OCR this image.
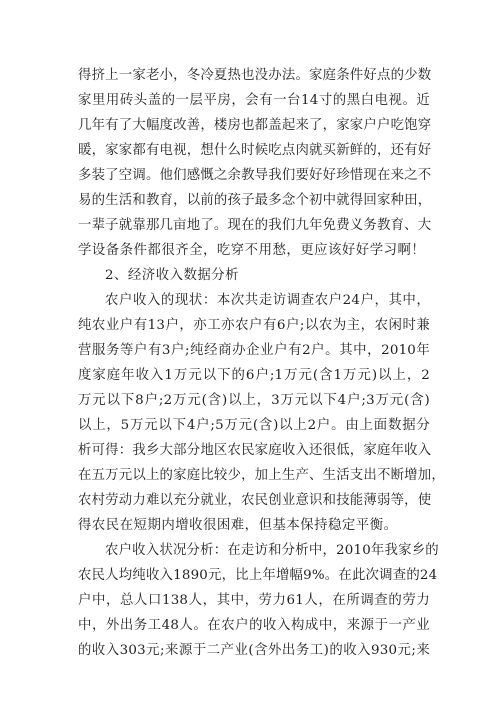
得挤上一家老小，冬冷夏热也没办法。家庭条件好点的少数
家里用砖头盖的一层平房，会有一台14寸的黑白电视。近
几年有了大幅度改善，楼房也都盖起来了，家家户户吃饱穿
暖，家家都有电视，想什么时候吃点肉就买新鲜的，还有好
多装了空调。他们感慨之余教导我们要好好珍惜现在来之不
易的生活和教育，以前的孩子最多念个初中就得回家种田，
一辈子就靠那几亩地了。现在的我们九年免费义务教育、大
学设备条件都很齐全，吃穿不用愁，更应该好好学习啊！
2、经济收入数据分析
农户收入的现状：本次共走访调查农户24户，其中，
纯农业户有13户，亦工亦农户有6户;以农为主，农闲时兼
营服务等户有3户;纯经商办企业户有2户。其中，2010年
度家庭年收入1万元以下的6户;1万元(含1万元)以上，2
万元以下8户;2万元(含)以上，3万元以下4户;3万元(含)
以上，5万元以下4户;5万元(含)以上2户。由上面数据分
析可得：我乡大部分地区农民家庭收入还很低，家庭年收入
在五万元以上的家庭比较少，加上生产、生活支出不断增加，
农村劳动力难以充分就业，农民创业意识和技能薄弱等，使
得农民在短期内增收很困难，但基本保持稳定平衡。
农户收入状况分析：在走访和分析中，2010年我家乡的
农民人均纯收入1890元，比上年增幅9%。在此次调查的24
户中，总人口138人，其中，劳力61人，在所调查的劳力
中，外出务工48人。在农户的收入构成中，来源于一产业
的收入303元;来源于二产业(含外出务工)的收入930元;来
